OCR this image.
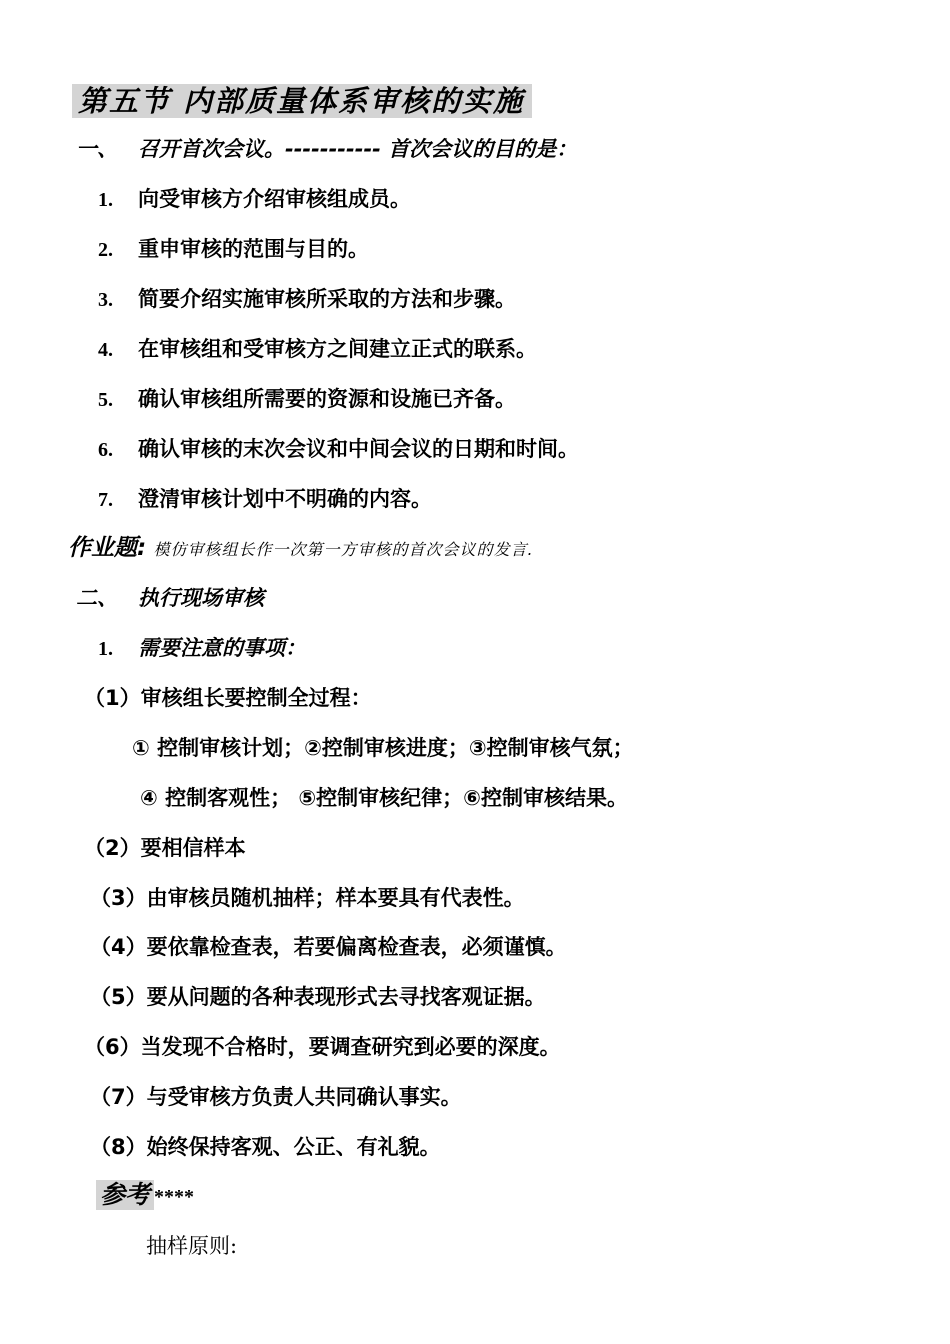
第五节 内部质量体系审核的实施
一、 召开首次会议。----------- 首次会议的目的是：
1. 向受审核方介绍审核组成员。
2. 重申审核的范围与目的。
3. 简要介绍实施审核所采取的方法和步骤。
4. 在审核组和受审核方之间建立正式的联系。
5. 确认审核组所需要的资源和设施已齐备。
6. 确认审核的末次会议和中间会议的日期和时间。
7. 澄清审核计划中不明确的内容。
作业题: 模仿审核组长作一次第一方审核的首次会议的发言.
二、 执行现场审核
1. 需要注意的事项：
（1）审核组长要控制全过程：
① 控制审核计划；②控制审核进度；③控制审核气氛；
④ 控制客观性； ⑤控制审核纪律；⑥控制审核结果。
（2）要相信样本
（3）由审核员随机抽样；样本要具有代表性。
（4）要依靠检查表，若要偏离检查表，必须谨慎。
（5）要从问题的各种表现形式去寻找客观证据。
（6）当发现不合格时，要调查研究到必要的深度。
（7）与受审核方负责人共同确认事实。
（8）始终保持客观、公正、有礼貌。
参考 ****
抽样原则:
